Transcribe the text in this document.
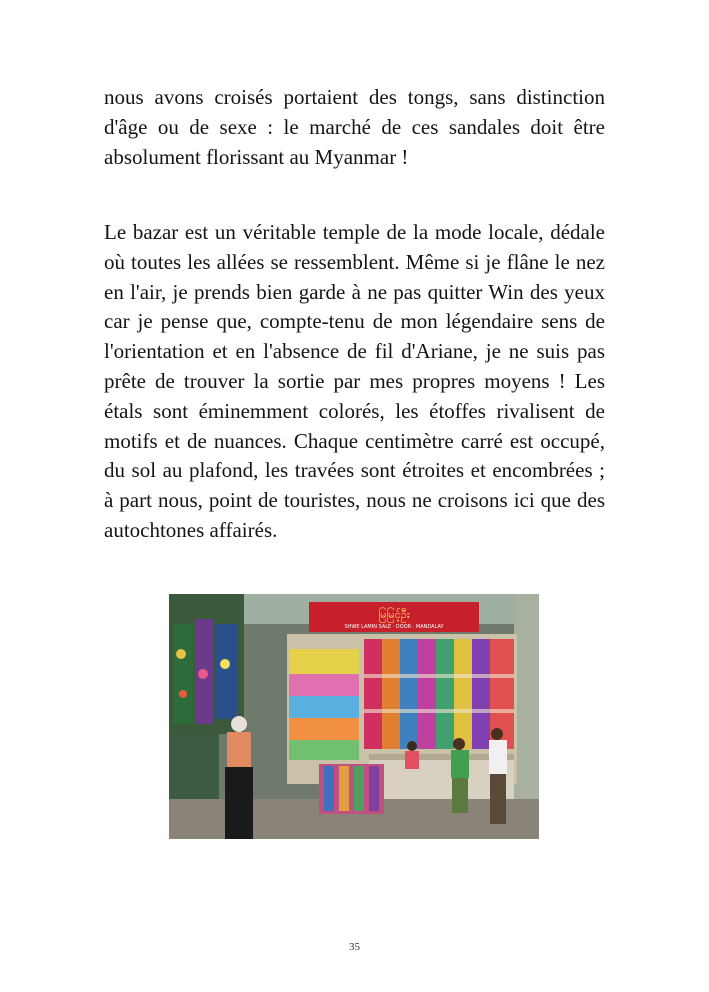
nous avons croisés portaient des tongs, sans distinction d'âge ou de sexe : le marché de ces sandales doit être absolument florissant au Myanmar !

Le bazar est un véritable temple de la mode locale, dédale où toutes les allées se ressemblent. Même si je flâne le nez en l'air, je prends bien garde à ne pas quitter Win des yeux car je pense que, compte-tenu de mon légendaire sens de l'orientation et en l'absence de fil d'Ariane, je ne suis pas prête de trouver la sortie par mes propres moyens ! Les étals sont éminemment colorés, les étoffes rivalisent de motifs et de nuances. Chaque centimètre carré est occupé, du sol au plafond, les travées sont étroites et encombrées ; à part nous, point de touristes, nous ne croisons ici que des autochtones affairés.

မြမြင့်ဦး
SHWE LAMIN SALE · DOOR · MANDALAY
35
